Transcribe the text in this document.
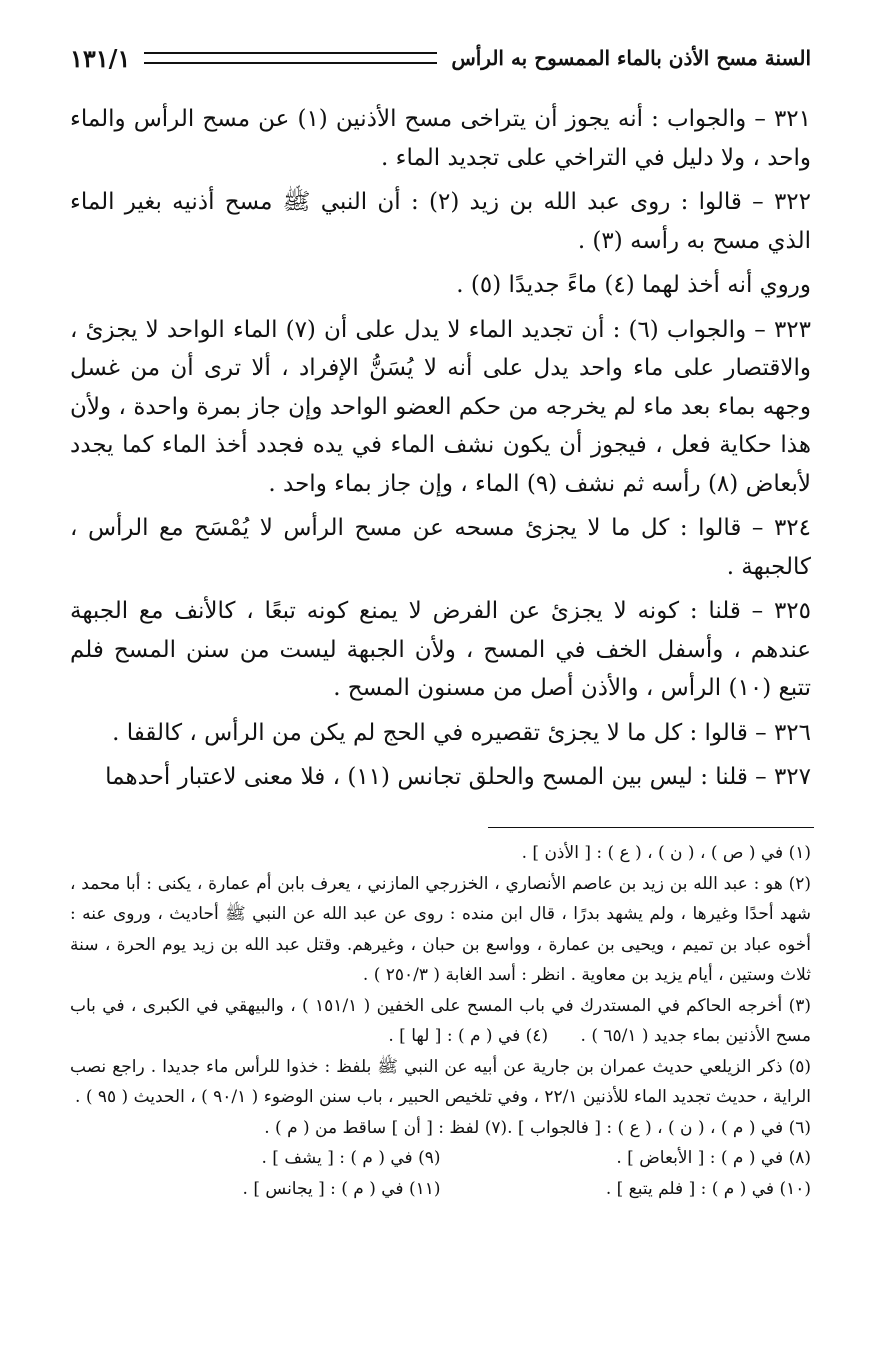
السنة مسح الأذن بالماء الممسوح به الرأس
١٣١/١

٣٢١ – والجواب : أنه يجوز أن يتراخى مسح الأذنين (١) عن مسح الرأس والماء واحد ، ولا دليل في التراخي على تجديد الماء .

٣٢٢ – قالوا : روى عبد الله بن زيد (٢) : أن النبي ﷺ مسح أذنيه بغير الماء الذي مسح به رأسه (٣) .

وروي أنه أخذ لهما (٤) ماءً جديدًا (٥) .

٣٢٣ – والجواب (٦) : أن تجديد الماء لا يدل على أن (٧) الماء الواحد لا يجزئ ، والاقتصار على ماء واحد يدل على أنه لا يُسَنُّ الإفراد ، ألا ترى أن من غسل وجهه بماء بعد ماء لم يخرجه من حكم العضو الواحد وإن جاز بمرة واحدة ، ولأن هذا حكاية فعل ، فيجوز أن يكون نشف الماء في يده فجدد أخذ الماء كما يجدد لأبعاض (٨) رأسه ثم نشف (٩) الماء ، وإن جاز بماء واحد .

٣٢٤ – قالوا : كل ما لا يجزئ مسحه عن مسح الرأس لا يُمْسَح مع الرأس ، كالجبهة .

٣٢٥ – قلنا : كونه لا يجزئ عن الفرض لا يمنع كونه تبعًا ، كالأنف مع الجبهة عندهم ، وأسفل الخف في المسح ، ولأن الجبهة ليست من سنن المسح فلم تتبع (١٠) الرأس ، والأذن أصل من مسنون المسح .

٣٢٦ – قالوا : كل ما لا يجزئ تقصيره في الحج لم يكن من الرأس ، كالقفا .

٣٢٧ – قلنا : ليس بين المسح والحلق تجانس (١١) ، فلا معنى لاعتبار أحدهما

(١) في ( ص ) ، ( ن ) ، ( ع ) : [ الأذن ] .

(٢) هو : عبد الله بن زيد بن عاصم الأنصاري ، الخزرجي المازني ، يعرف بابن أم عمارة ، يكنى : أبا محمد ، شهد أحدًا وغيرها ، ولم يشهد بدرًا ، قال ابن منده : روى عن عبد الله عن النبي ﷺ أحاديث ، وروى عنه : أخوه عباد بن تميم ، ويحيى بن عمارة ، وواسع بن حبان ، وغيرهم. وقتل عبد الله بن زيد يوم الحرة ، سنة ثلاث وستين ، أيام يزيد بن معاوية . انظر : أسد الغابة ( ٢٥٠/٣ ) .

(٣) أخرجه الحاكم في المستدرك في باب المسح على الخفين ( ١٥١/١ ) ، والبيهقي في الكبرى ، في باب مسح الأذنين بماء جديد ( ٦٥/١ ) .      (٤) في ( م ) : [ لها ] .

(٥) ذكر الزيلعي حديث عمران بن جارية عن أبيه عن النبي ﷺ بلفظ : خذوا للرأس ماء جديدا . راجع نصب الراية ، حديث تجديد الماء للأذنين ٢٢/١ ، وفي تلخيص الحبير ، باب سنن الوضوء ( ٩٠/١ ) ، الحديث ( ٩٥ ) .

(٦) في ( م ) ، ( ن ) ، ( ع ) : [ فالجواب ] .
(٧) لفظ : [ أن ] ساقط من ( م ) .
(٨) في ( م ) : [ الأبعاض ] .
(٩) في ( م ) : [ يشف ] .
(١٠) في ( م ) : [ فلم يتبع ] .
(١١) في ( م ) : [ يجانس ] .
